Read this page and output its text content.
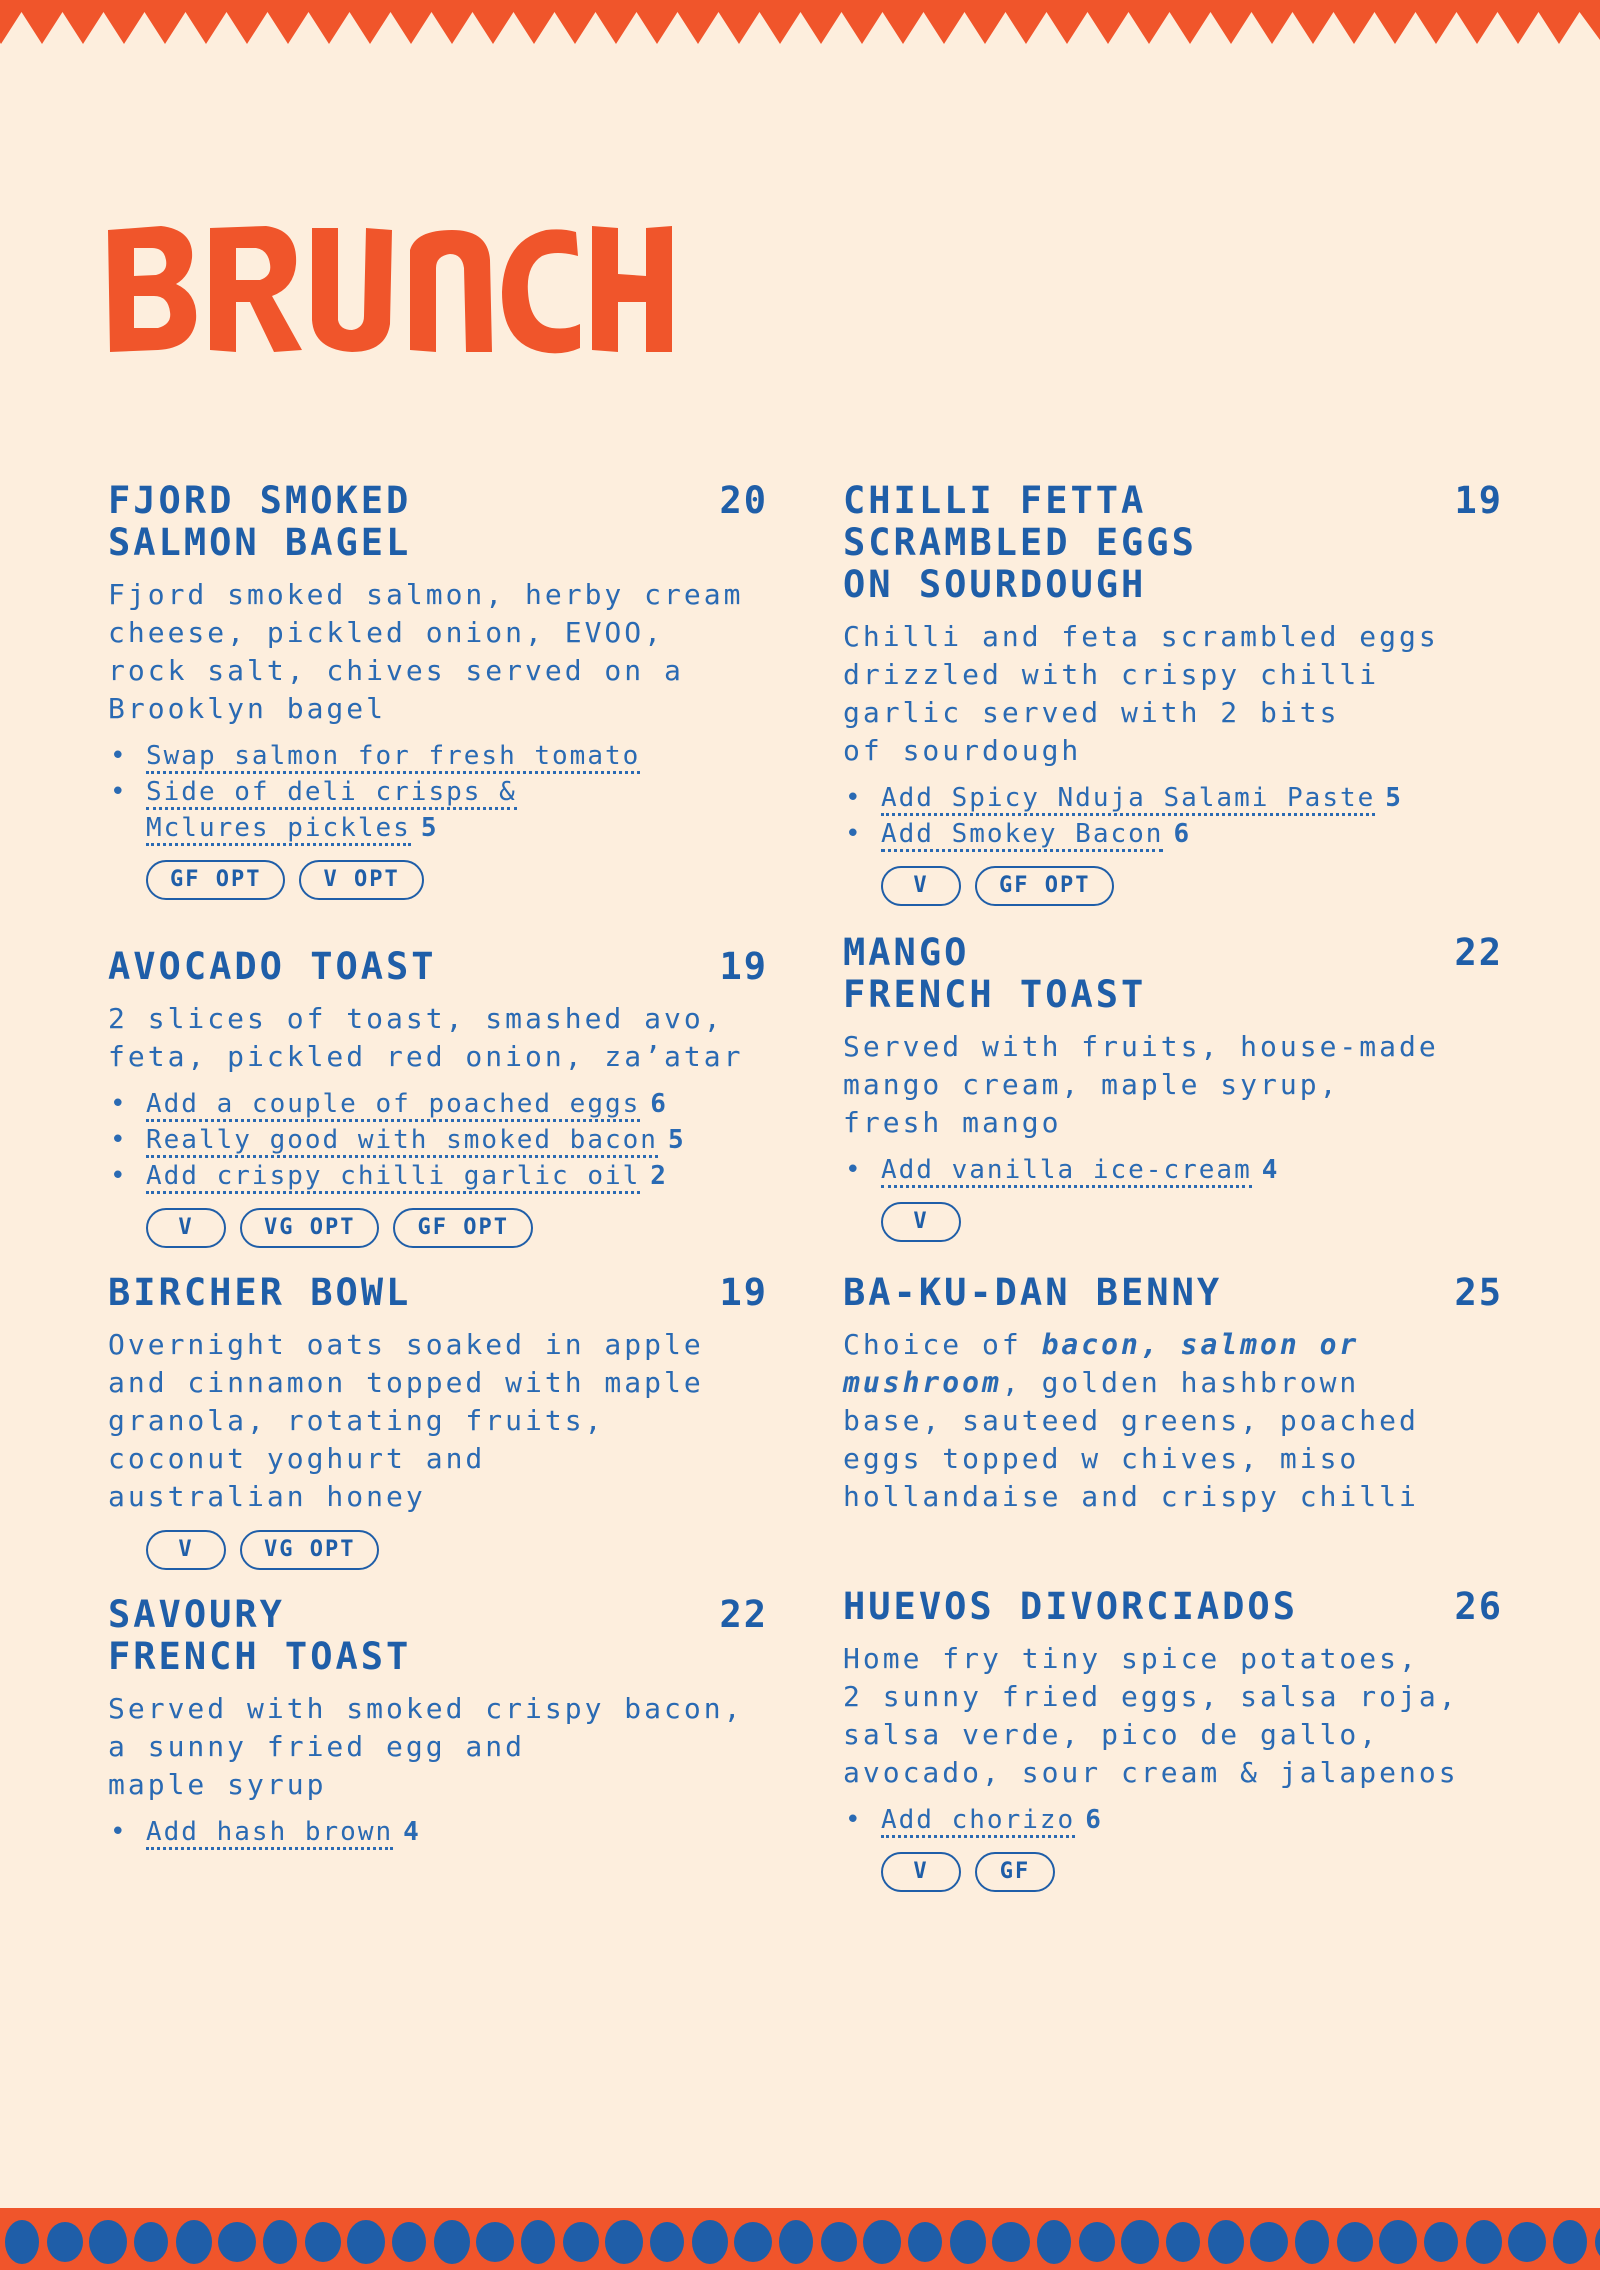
FJORD SMOKED
SALMON BAGEL
20
Fjord smoked salmon, herby cream
cheese, pickled onion, EVOO,
rock salt, chives served on a
Brooklyn bagel
• Swap salmon for fresh tomato
• Side of deli crisps &
Mclures pickles 5
GF OPT	V OPT
AVOCADO TOAST	19
2 slices of toast, smashed avo,
feta, pickled red onion, za’atar
• Add a couple of poached eggs 6
• Really good with smoked bacon 5
• Add crispy chilli garlic oil 2
V	VG OPT	GF OPT
BIRCHER BOWL	19
Overnight oats soaked in apple
and cinnamon topped with maple
granola, rotating fruits,
coconut yoghurt and
australian honey
V	VG OPT
SAVOURY
FRENCH TOAST
22
Served with smoked crispy bacon,
a sunny fried egg and
maple syrup
• Add hash brown 4
CHILLI FETTA
SCRAMBLED EGGS
ON SOURDOUGH
19
Chilli and feta scrambled eggs
drizzled with crispy chilli
garlic served with 2 bits
of sourdough
• Add Spicy Nduja Salami Paste 5
• Add Smokey Bacon 6
V	GF OPT
MANGO
FRENCH TOAST
22
Served with fruits, house-made
mango cream, maple syrup,
fresh mango
• Add vanilla ice-cream 4
V
BA-KU-DAN BENNY	25
Choice of bacon, salmon or
mushroom, golden hashbrown
base, sauteed greens, poached
eggs topped w chives, miso
hollandaise and crispy chilli
HUEVOS DIVORCIADOS	26
Home fry tiny spice potatoes,
2 sunny fried eggs, salsa roja,
salsa verde, pico de gallo,
avocado, sour cream & jalapenos
• Add chorizo 6
V	GF
